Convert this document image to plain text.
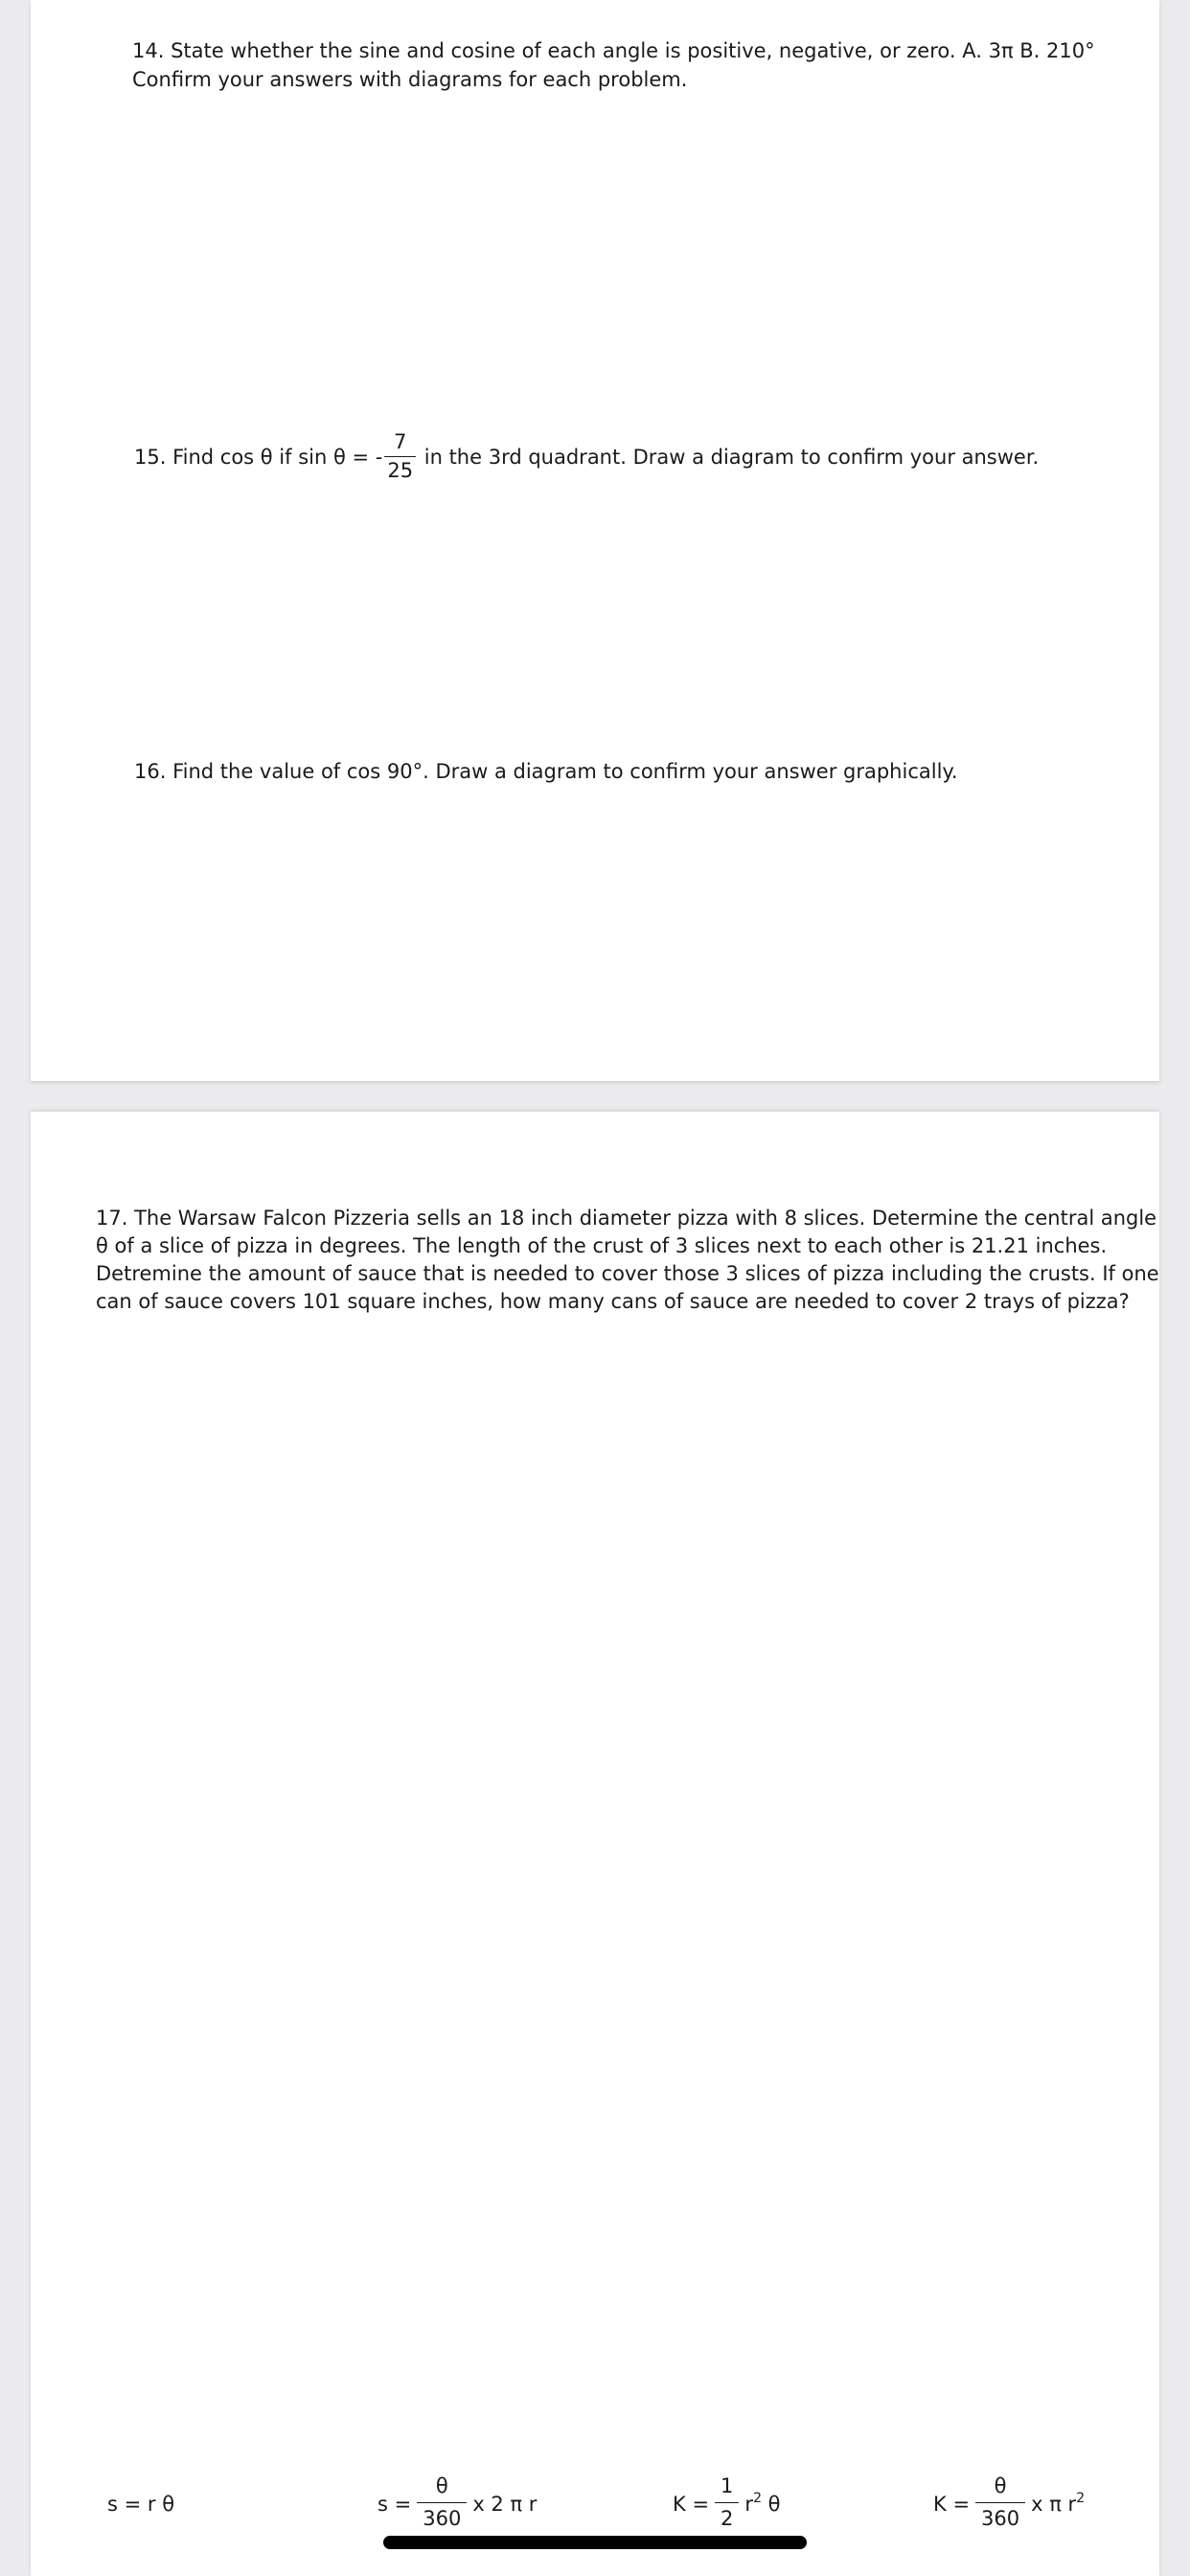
14. State whether the sine and cosine of each angle is positive, negative, or zero. A. 3π B. 210°
Confirm your answers with diagrams for each problem.
15. Find cos θ if sin θ = - $\frac{7}{25}$ in the 3rd quadrant. Draw a diagram to confirm your answer.
16. Find the value of cos 90°. Draw a diagram to confirm your answer graphically.
17. The Warsaw Falcon Pizzeria sells an 18 inch diameter pizza with 8 slices. Determine the central angle
θ of a slice of pizza in degrees. The length of the crust of 3 slices next to each other is 21.21 inches.
Detremine the amount of sauce that is needed to cover those 3 slices of pizza including the crusts. If one
can of sauce covers 101 square inches, how many cans of sauce are needed to cover 2 trays of pizza?
s = r θ	$s = \frac{\theta}{360}$ x 2 π r	$K = \frac{1}{2} r^2$ θ	$K = \frac{\theta}{360}$ x π $r^2$
